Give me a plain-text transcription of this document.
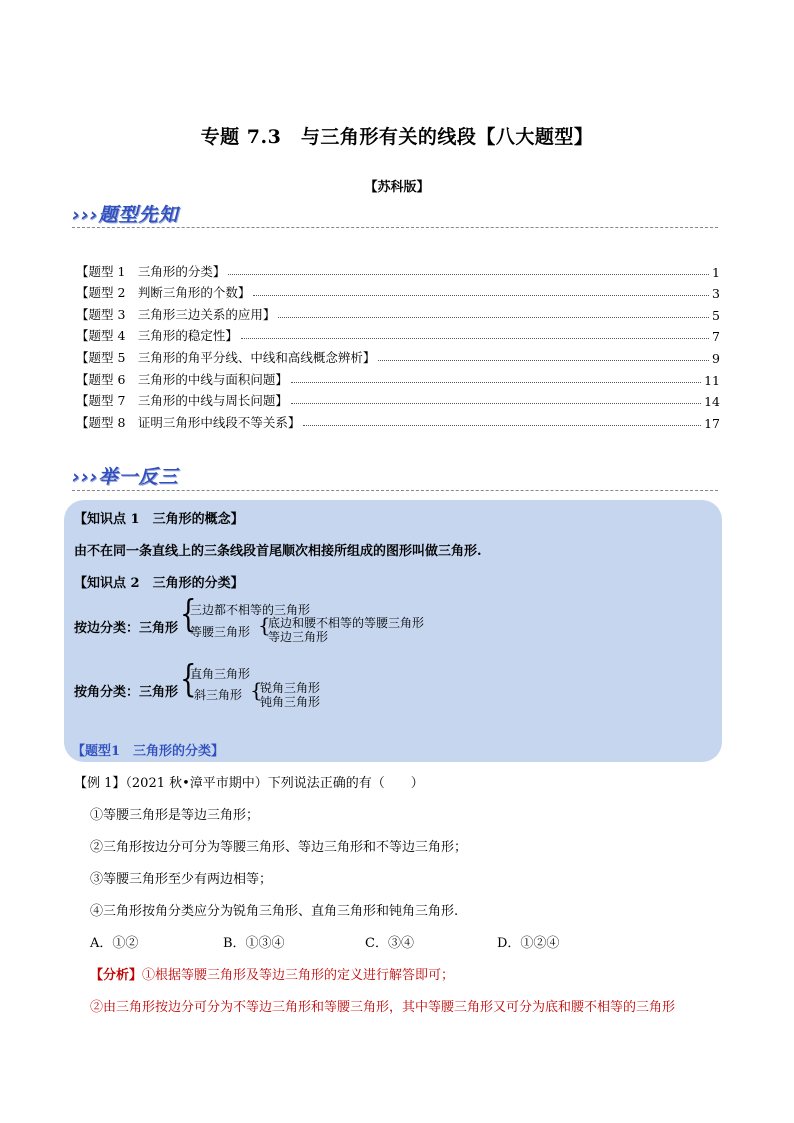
专题 7.3　与三角形有关的线段【八大题型】
【苏科版】
›››题型先知
【题型 1　三角形的分类】	1
【题型 2　判断三角形的个数】	3
【题型 3　三角形三边关系的应用】	5
【题型 4　三角形的稳定性】	7
【题型 5　三角形的角平分线、中线和高线概念辨析】	9
【题型 6　三角形的中线与面积问题】	11
【题型 7　三角形的中线与周长问题】	14
【题型 8　证明三角形中线段不等关系】	17
›››举一反三
【知识点 1　三角形的概念】
由不在同一条直线上的三条线段首尾顺次相接所组成的图形叫做三角形.
【知识点 2　三角形的分类】
按边分类：三角形 {
三边都不相等的三角形
等腰三角形 {
底边和腰不相等的等腰三角形
等边三角形
按角分类：三角形 {
直角三角形
斜三角形 {
锐角三角形
钝角三角形
【题型1　三角形的分类】
【例 1】（2021 秋•漳平市期中）下列说法正确的有（　　）
①等腰三角形是等边三角形；
②三角形按边分可分为等腰三角形、等边三角形和不等边三角形；
③等腰三角形至少有两边相等；
④三角形按角分类应分为锐角三角形、直角三角形和钝角三角形.
A．①②	B．①③④	C．③④	D．①②④
【分析】①根据等腰三角形及等边三角形的定义进行解答即可；
②由三角形按边分可分为不等边三角形和等腰三角形，其中等腰三角形又可分为底和腰不相等的三角形
